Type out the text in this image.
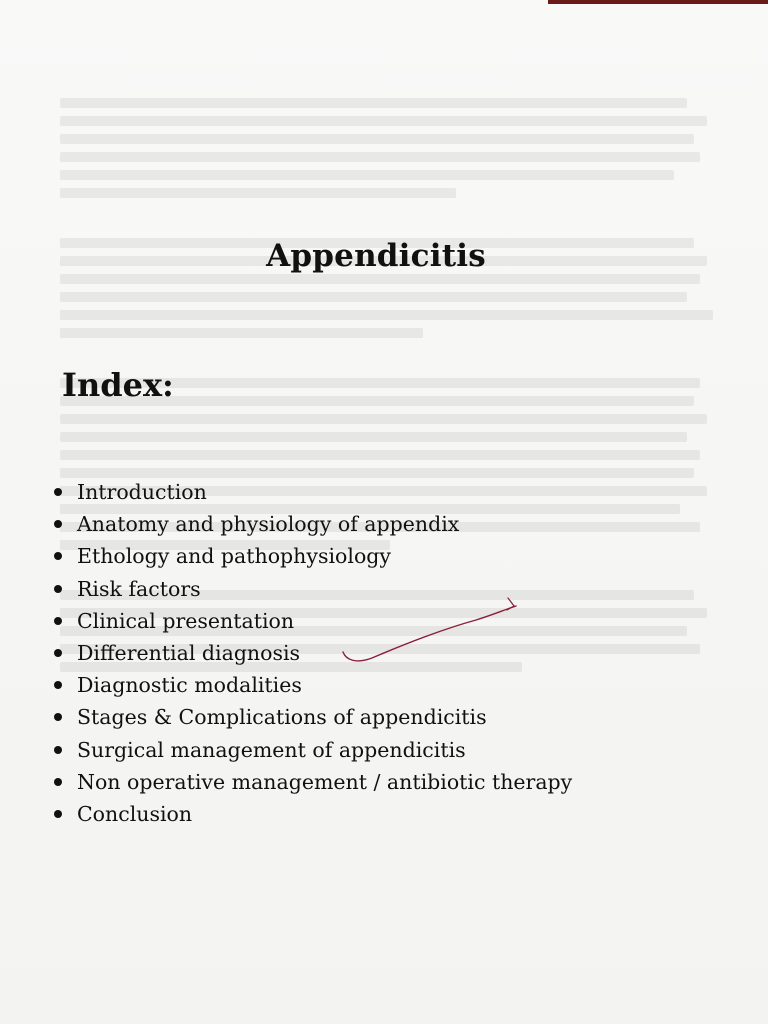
Appendicitis
Index:
Introduction
Anatomy and physiology of appendix
Ethology and pathophysiology
Risk factors
Clinical presentation
Differential diagnosis
Diagnostic modalities
Stages & Complications of appendicitis
Surgical management of appendicitis
Non operative management / antibiotic therapy
Conclusion
